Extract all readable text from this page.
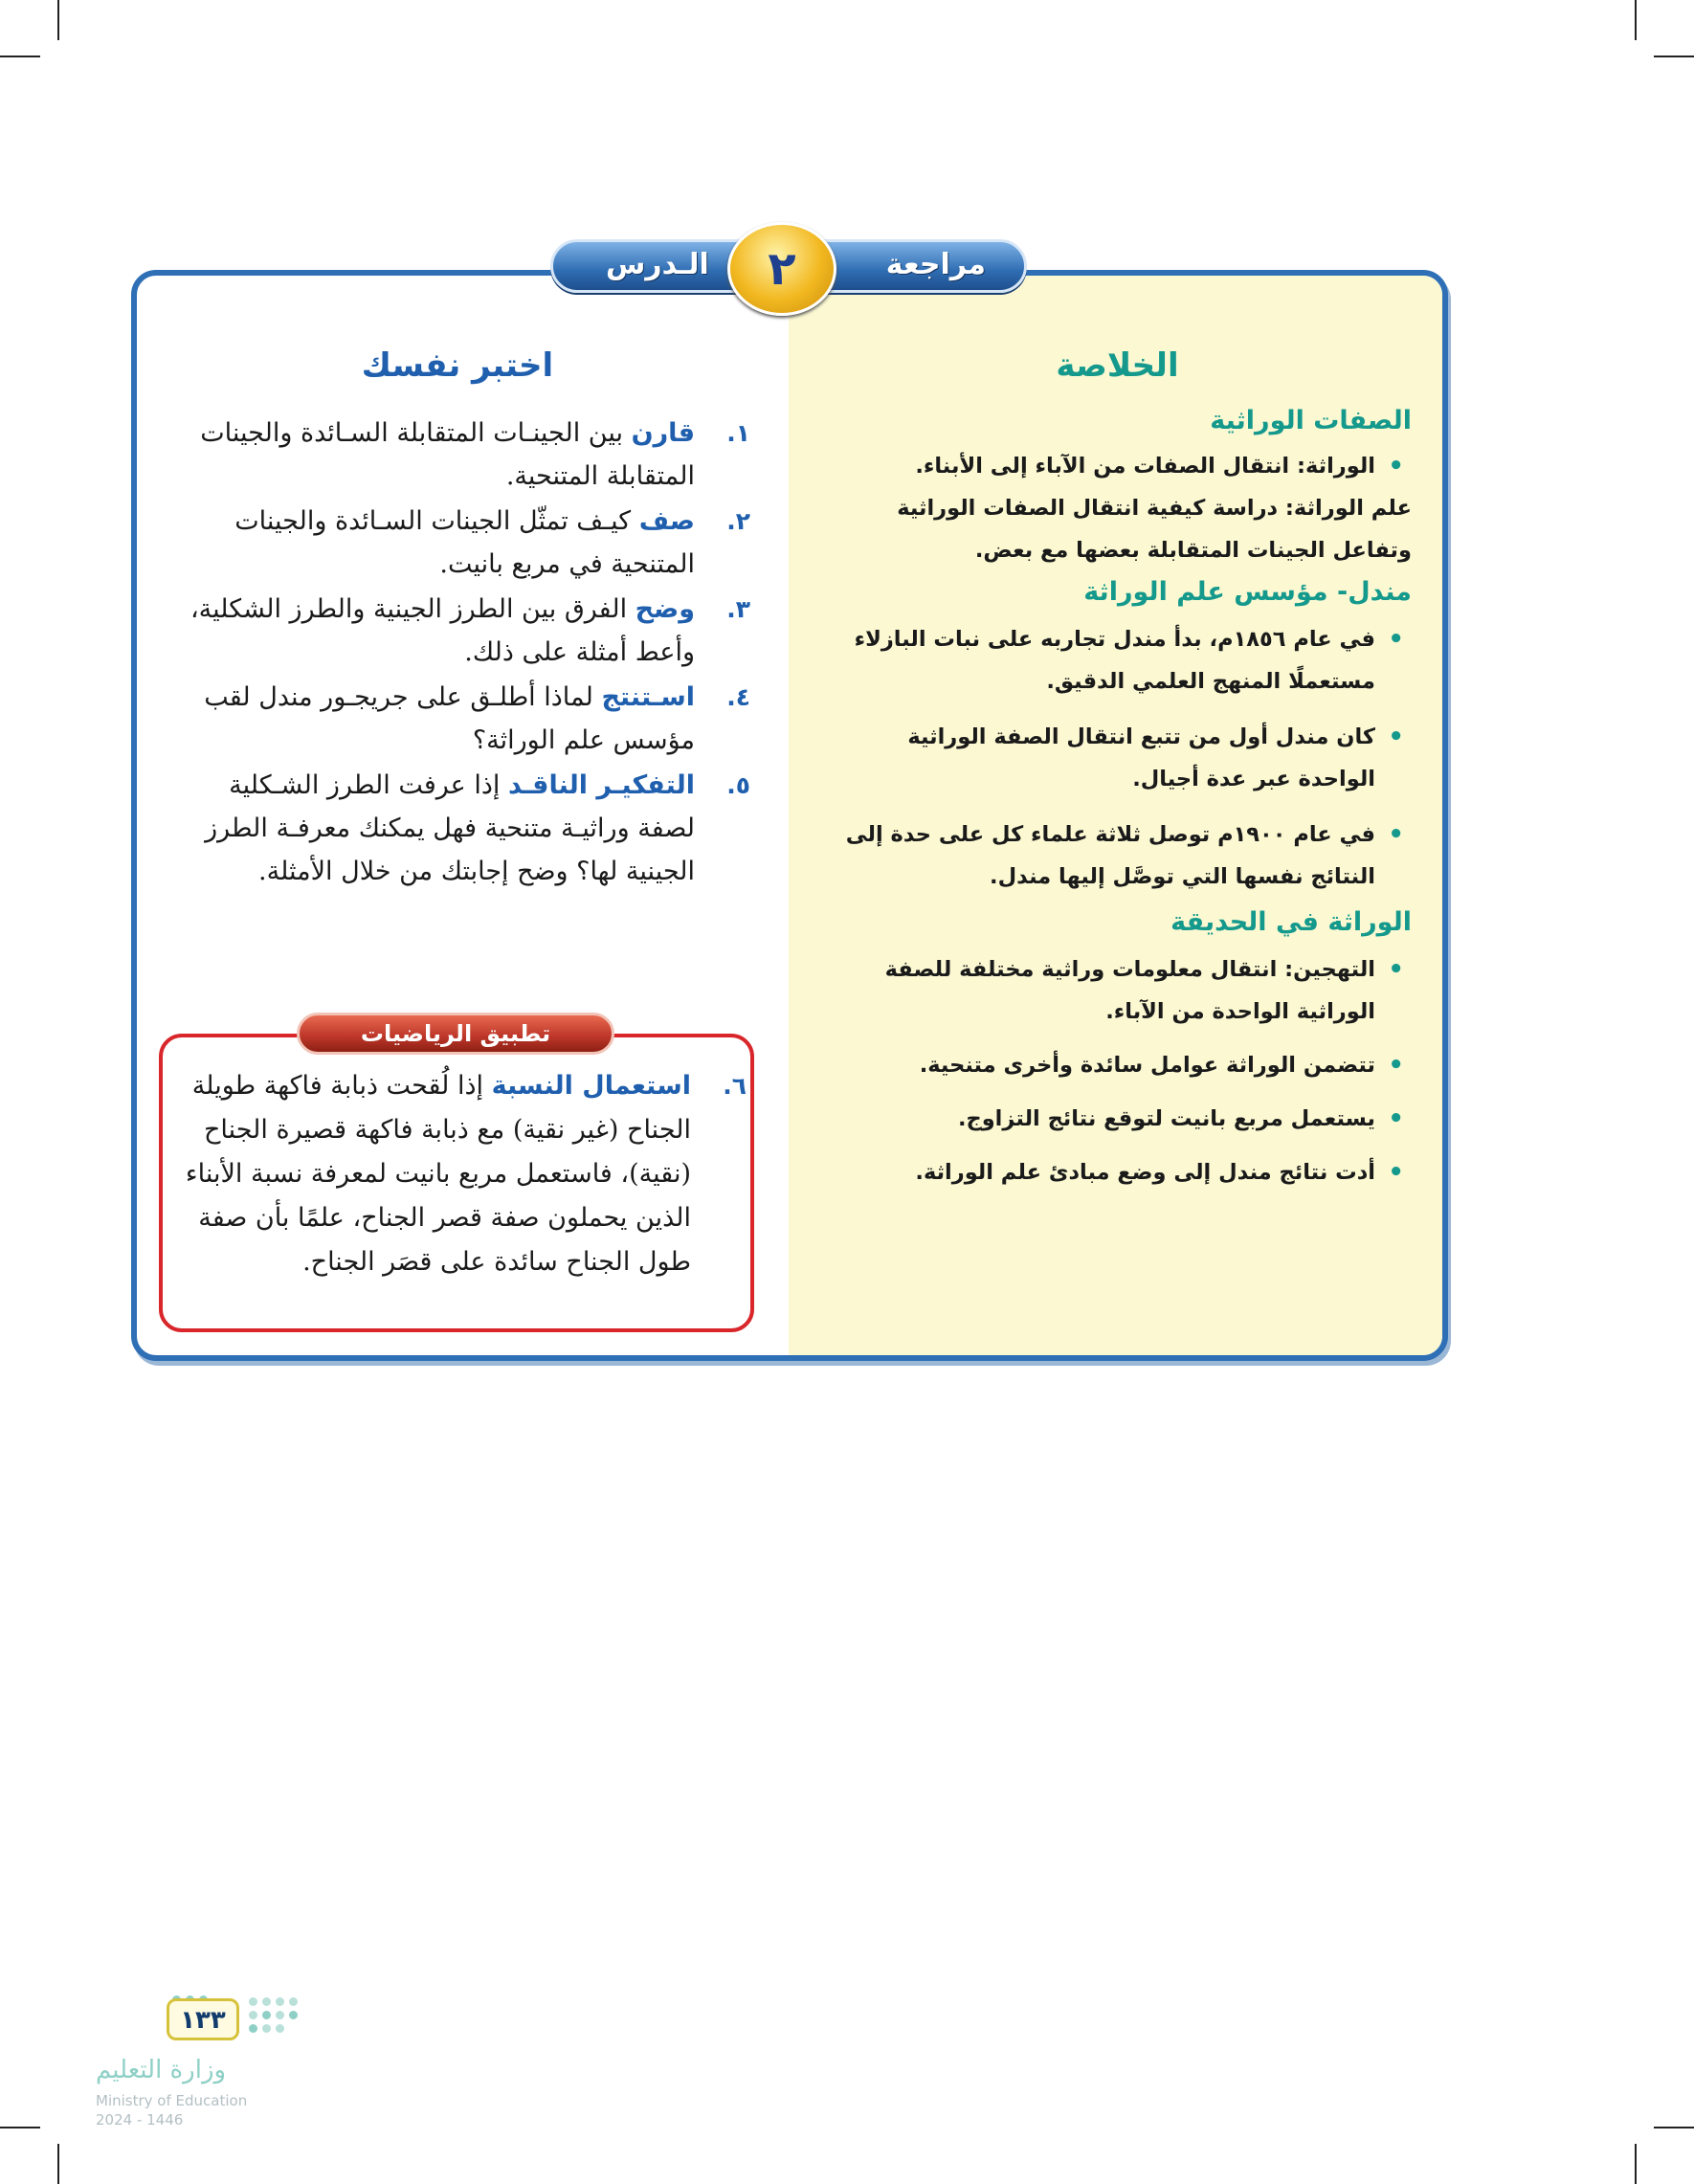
مراجعة
الـدرس	٢
الخلاصة
الصفات الوراثية
• الوراثة: انتقال الصفات من الآباء إلى الأبناء.
علم الوراثة: دراسة كيفية انتقال الصفات الوراثية
وتفاعل الجينات المتقابلة بعضها مع بعض.
مندل- مؤسس علم الوراثة
• في عام ١٨٥٦م، بدأ مندل تجاربه على نبات البازلاء
مستعملًا المنهج العلمي الدقيق.
• كان مندل أول من تتبع انتقال الصفة الوراثية
الواحدة عبر عدة أجيال.
• في عام ١٩٠٠م توصل ثلاثة علماء كل على حدة إلى
النتائج نفسها التي توصَّل إليها مندل.
الوراثة في الحديقة
• التهجين: انتقال معلومات وراثية مختلفة للصفة
الوراثية الواحدة من الآباء.
• تتضمن الوراثة عوامل سائدة وأخرى متنحية.
• يستعمل مربع بانيت لتوقع نتائج التزاوج.
• أدت نتائج مندل إلى وضع مبادئ علم الوراثة.
اختبر نفسك
١.
قارن بين الجينـات المتقابلة السـائدة والجينات المتقابلة المتنحية.
٢.
صف كيـف تمثّل الجينات السـائدة والجينات المتنحية في مربع بانيت.
٣.
وضح الفرق بين الطرز الجينية والطرز الشكلية، وأعط أمثلة على ذلك.
٤.
اسـتنتج لماذا أطلـق على جريجـور مندل لقب مؤسس علم الوراثة؟
٥.
التفكيـر الناقـد إذا عرفت الطرز الشـكلية لصفة وراثيـة متنحية فهل يمكنك معرفـة الطرز الجينية لها؟ وضح إجابتك من خلال الأمثلة.
تطبيق الرياضيات
٦.
استعمال النسبة إذا لُقحت ذبابة فاكهة طويلة الجناح (غير نقية) مع ذبابة فاكهة قصيرة الجناح (نقية)، فاستعمل مربع بانيت لمعرفة نسبة الأبناء الذين يحملون صفة قصر الجناح، علمًا بأن صفة طول الجناح سائدة على قصَر الجناح.
١٣٣
وزارة التعليم
Ministry of Education
2024 - 1446
